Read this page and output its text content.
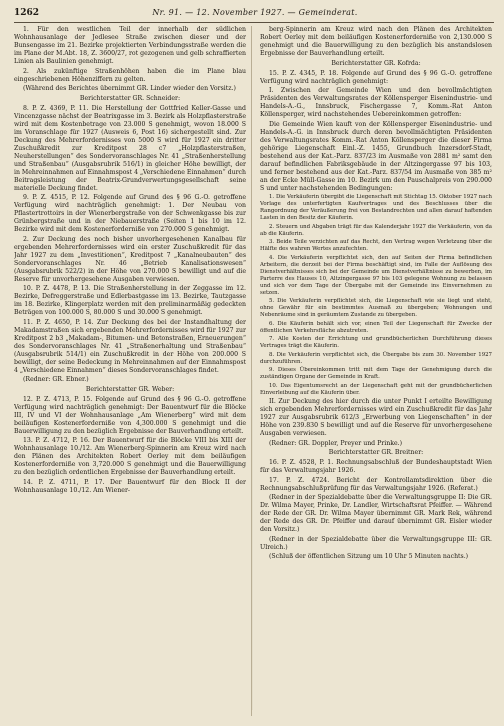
1262	Nr. 91. — 12. November 1927. — Gemeinderat.

1. Für den westlichen Teil der innerhalb der südlichen Wohnhausanlage der Jedlesee Straße zwischen dieser und der Bunsengasse im 21. Bezirke projektierten Verbindungsstraße werden die im Plane der M.Abt. 18, Z. 3600/27, rot gezogenen und gelb schraffierten Linien als Baulinien genehmigt.

2. Als zukünftige Straßenhöhen haben die im Plane blau eingeschriebenen Höhenziffern zu gelten.

(Während des Berichtes übernimmt GR. Linder wieder den Vorsitz.)

Berichterstatter GR. Schneider:

8. P. Z. 4369, P. 11. Die Herstellung der Gottfried Keller-Gasse und Vincenzgasse nächst der Beatrixgasse im 3. Bezirk als Holzpflasterstraße wird mit dem Kostenbetrage von 23.000 S genehmigt, wovon 18.000 S im Voranschlage für 1927 (Ausweis 6, Post 16) sichergestellt sind. Zur Deckung des Mehrerfordernisses von 5000 S wird für 1927 ein dritter Zuschußkredit zur Kreditpost 28 c7 „Holzpflasterstraßen, Neuherstellungen“ des Sondervoranschlages Nr. 41 „Straßenherstellung und Straßenbau“ (Ausgabsrubrik 516/1) in gleicher Höhe bewilligt, der in Mehreinnahmen auf Einnahmspost 4 „Verschiedene Einnahmen“ durch Beitragsleistung der Beatrix-Grundverwertungsgesellschaft seine materielle Deckung findet.

9. P. Z. 4515, P. 12. Folgende auf Grund des § 96 G.-O. getroffene Verfügung wird nachträglich genehmigt: 1. Der Neubau von Pflastertrottoirs in der Wienerbergstraße von der Schwenkgasse bis zur Grünbergstraße und in der Niebauerstraße (Seiten 1 bis 10 im 12. Bezirke wird mit dem Kostenerforderniße von 270.000 S genehmigt.

2. Zur Deckung des noch bisher unvorhergesehenen Kanalbau für ergebenden Mehrerfordernisses wird ein erster Zuschußkredit für das Jahr 1927 zu dem „Investitionen“, Kreditpost 7 „Kanalneubauten“ des Sondervoranschlages Nr. 46 „Betrieb Kanalisationswesen“ (Ausgabsrubrik 522/2) in der Höhe von 270.000 S bewilligt und auf die Reserve für unvorhergesehene Ausgaben verwiesen.

10. P. Z. 4478, P. 13. Die Straßenherstellung in der Zeggasse im 12. Bezirke, Defreggerstraße und Edlerbastgasse im 13. Bezirke, Tautzgasse im 18. Bezirke, Klingerplatz werden mit den preliminarmäßig gedeckten Beträgen von 100.000 S, 80.000 S und 30.000 S genehmigt.

11. P. Z. 4650, P. 14. Zur Deckung des bei der Instandhaltung der Makadamstraßen sich ergebenden Mehrerfordernisses wird für 1927 zur Kreditpost 2 b3 „Makadam-, Bitumen- und Betonstraßen, Erneuerungen“ des Sondervoranschlages Nr. 41 „Straßenerhaltung und Straßenbau“ (Ausgabsrubrik 514/1) ein Zuschußkredit in der Höhe von 200.000 S bewilligt, der seine Bedeckung in Mehreinnahmen auf der Einnahmspost 4 „Verschiedene Einnahmen“ dieses Sondervoranschlages findet.

(Redner: GR. Ebner.)

Berichterstatter GR. Weber:

12. P. Z. 4713, P. 15. Folgende auf Grund des § 96 G.-O. getroffene Verfügung wird nachträglich genehmigt: Der Bauentwurf für die Blöcke III, IV und VI der Wohnhausanlage „Am Wienerberg“ wird mit dem beiläufigen Kostenerforderniße von 4,300.000 S genehmigt und die Bauerwilligung zu den bezüglich Ergebnisse der Bauverhandlung erteilt.

13. P. Z. 4712, P. 16. Der Bauentwurf für die Blöcke VIII bis XIII der Wohnhausanlage 10./12. Am Wienerberg-Spinnerin am Kreuz wird nach den Plänen des Architekten Robert Oerley mit dem beiläufigen Kostenerforderniße von 3,720.000 S genehmigt und die Bauerwilligung zu den bezüglich ordentlichen Ergebnisse der Bauverhandlung erteilt.

14. P. Z. 4711, P. 17. Der Bauentwurf für den Block II der Wohnhausanlage 10./12. Am Wiener-

berg-Spinnerin am Kreuz wird nach den Plänen des Architekten Robert Oerley mit dem beiläufigen Kostenerforderniße von 2,130.000 S genehmigt und die Bauerwilligung zu den bezüglich bis anstandslosen Ergebnisse der Bauverhandlung erteilt.

Berichterstatter GR. Kofrda:

15. P. Z. 4345, P. 18. Folgende auf Grund des § 96 G.-O. getroffene Verfügung wird nachträglich genehmigt:

I. Zwischen der Gemeinde Wien und den bevollmächtigten Präsidenten des Verwaltungsrates der Köllensperger Eisenindustrie- und Handels-A.-G., Innsbruck, Fischergasse 7, Komm.-Rat Anton Köllensperger, wird nachstehendes Uebereinkommen getroffen:

Die Gemeinde Wien kauft von der Köllensperger Eisenindustrie- und Handels-A.-G. in Innsbruck durch deren bevollmächtigten Präsidenten des Verwaltungsrates Komm.-Rat Anton Köllensperger die dieser Firma gehörige Liegenschaft Einl.-Z. 1455, Grundbuch Inzersdorf-Stadt, bestehend aus der Kat.-Parz. 837/23 im Ausmaße von 2881 m² samt den darauf befindlichen Fabriksgebäude in der Altzingergasse 97 bis 103, und ferner bestehend aus der Kat.-Parz. 837/54 im Ausmaße von 385 m² an der Ecke Müll-Gasse im 10. Bezirk um den Pauschalpreis von 290.000 S und unter nachstehenden Bedingungen:

1. Die Verkäuferin übergibt die Liegenschaft mit Stichtag 15. Oktober 1927 nach Vorlage des unterfertigten Kaufvertrages und des Beschlusses über die Rangordnung der Veräußerung frei von Bestandrechten und allen darauf haftenden Lasten in den Besitz der Käuferin.

2. Steuern und Abgaben trägt für das Kalenderjahr 1927 die Verkäuferin, von da ab die Käuferin.

3. Beide Teile verzichten auf das Recht, den Vertrag wegen Verletzung über die Hälfte des wahren Wertes anzufechten.

4. Die Verkäuferin verpflichtet sich, den auf Seiten der Firma befindlichen Arbeitern, die derzeit bei der Firma beschäftigt sind, im Falle der Auflösung des Dienstverhältnisses sich bei der Gemeinde um Dienstverhältnisse zu bewerben, im Parterre des Hauses 10, Altzingergasse 97 bis 103 gelegene Wohnung zu belassen und sich vor dem Tage der Übergabe mit der Gemeinde ins Einvernehmen zu setzen.

5. Die Verkäuferin verpflichtet sich, die Liegenschaft wie sie liegt und steht, ohne Gewähr für ein bestimmtes Ausmaß zu übergeben; Wohnungen und Nebenräume sind in geräumtem Zustande zu übergeben.

6. Die Käuferin behält sich vor, einen Teil der Liegenschaft für Zwecke der öffentlichen Verkehrsfläche abzutreten.

7. Alle Kosten der Errichtung und grundbücherlichen Durchführung dieses Vertrages trägt die Käuferin.

8. Die Verkäuferin verpflichtet sich, die Übergabe bis zum 30. November 1927 durchzuführen.

9. Dieses Übereinkommen tritt mit dem Tage der Genehmigung durch die zuständigen Organe der Gemeinde in Kraft.

10. Das Eigentumsrecht an der Liegenschaft geht mit der grundbücherlichen Einverleibung auf die Käuferin über.

II. Zur Deckung des hier durch die unter Punkt I erteilte Bewilligung sich ergebenden Mehrerfordernisses wird ein Zuschußkredit für das Jahr 1927 zur Ausgabsrubrik 612/3 „Erwerbung von Liegenschaften“ in der Höhe von 239.830 S bewilligt und auf die Reserve für unvorhergesehene Ausgaben verwiesen.

(Redner: GR. Doppler, Preyer und Prinke.)

Berichterstatter GR. Breitner:

16. P. Z. 4528, P. 1. Rechnungsabschluß der Bundeshauptstadt Wien für das Verwaltungsjahr 1926.

17. P. Z. 4724. Bericht der Kontrollamtsdirektion über die Rechnungsabschlußprüfung für das Verwaltungsjahr 1926. (Referat.)

(Redner in der Spezialdebatte über die Verwaltungsgruppe II: Die GR. Dr. Wilma Mayer, Prinke, Dr. Landler, Wirtschaftsrat Pfeiffer. — Während der Rede der GR. Dr. Wilma Mayer übernimmt GR. Mark Rek, während der Rede des GR. Dr. Pfeiffer und darauf übernimmt GR. Eisler wieder den Vorsitz.)

(Redner in der Spezialdebatte über die Verwaltungsgruppe III: GR. Ulreich.)

(Schluß der öffentlichen Sitzung um 10 Uhr 5 Minuten nachts.)
